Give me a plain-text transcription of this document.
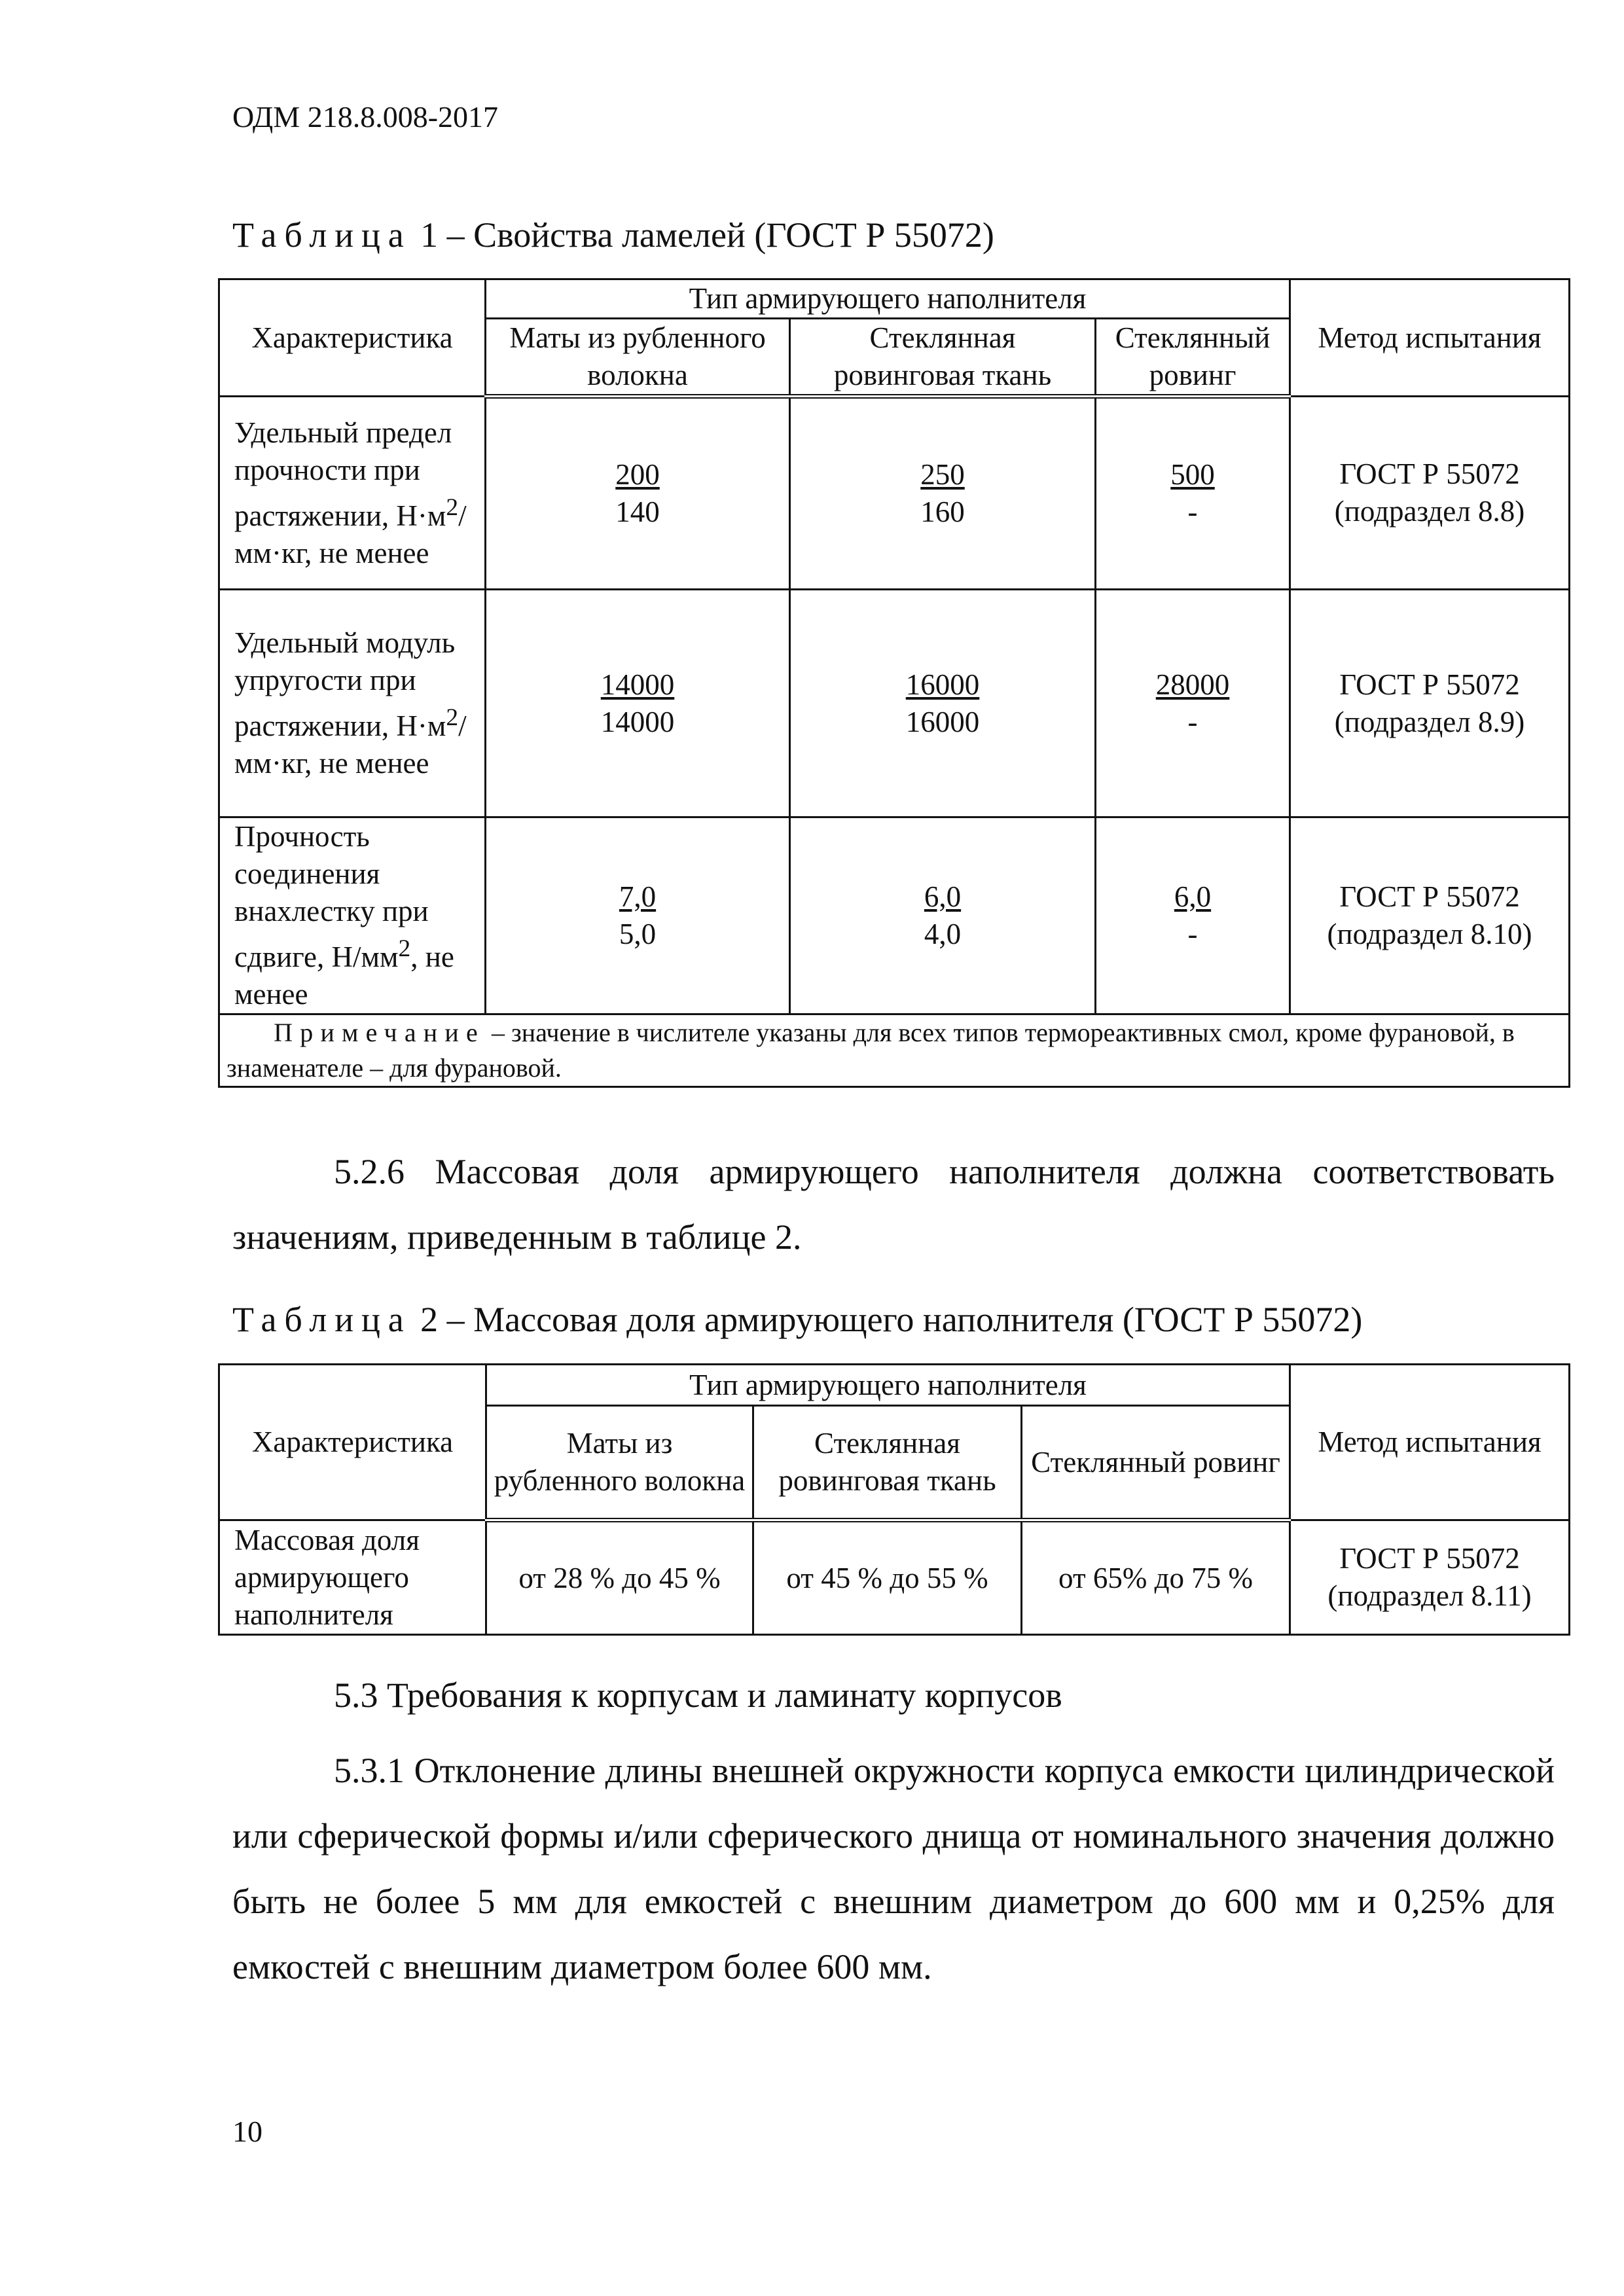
ОДМ 218.8.008-2017
Таблица 1 – Свойства ламелей (ГОСТ Р 55072)
Характеристика	Тип армирующего наполнителя			Метод испытания
	Маты из рубленного волокна	Стеклянная ровинговая ткань	Стеклянный ровинг	
Удельный предел прочности при растяжении, $Н\cdot м^2/мм\cdot кг$, не менее	$\frac{200}{140}$	$\frac{250}{160}$	$\frac{500}{-}$	ГОСТ Р 55072 (подраздел 8.8)
Удельный модуль упругости при растяжении, $Н\cdot м^2/мм\cdot кг$, не менее	$\frac{14000}{14000}$	$\frac{16000}{16000}$	$\frac{28000}{-}$	ГОСТ Р 55072 (подраздел 8.9)
Прочность соединения внахлестку при сдвиге, $Н/мм^2$, не менее	$\frac{7,0}{5,0}$	$\frac{6,0}{4,0}$	$\frac{6,0}{-}$	ГОСТ Р 55072 (подраздел 8.10)
Примечание – значение в числителе указаны для всех типов термореактивных смол, кроме фурановой, в знаменателе – для фурановой.				
5.2.6 Массовая доля армирующего наполнителя должна соответствовать значениям, приведенным в таблице 2.
Таблица 2 – Массовая доля армирующего наполнителя (ГОСТ Р 55072)
Характеристика	Тип армирующего наполнителя			Метод испытания
	Маты из рубленного волокна	Стеклянная ровинговая ткань	Стеклянный ровинг	
Массовая доля армирующего наполнителя	от 28 % до 45 %	от 45 % до 55 %	от 65% до 75 %	ГОСТ Р 55072 (подраздел 8.11)
5.3 Требования к корпусам и ламинату корпусов
5.3.1 Отклонение длины внешней окружности корпуса емкости цилиндрической или сферической формы и/или сферического днища от номинального значения должно быть не более 5 мм для емкостей с внешним диаметром до 600 мм и 0,25% для емкостей с внешним диаметром более 600 мм.
10
